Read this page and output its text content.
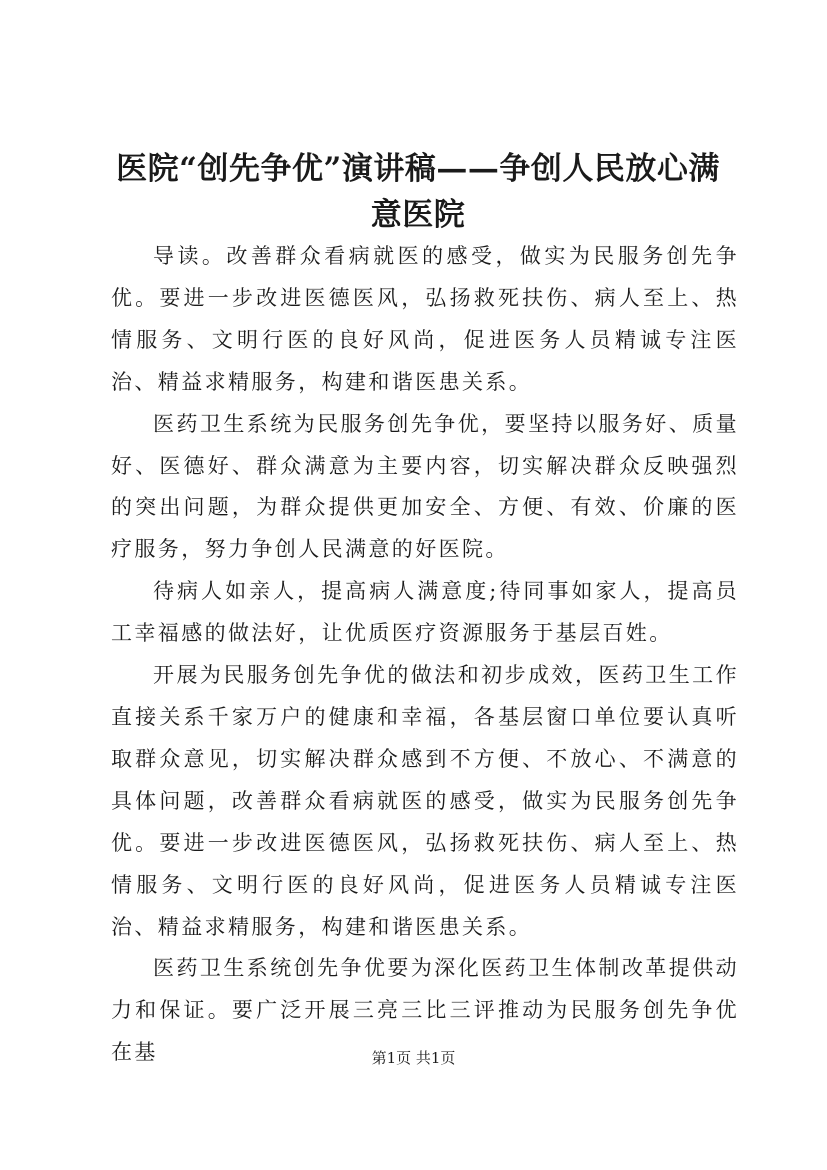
医院“创先争优”演讲稿——争创人民放心满意医院

导读。改善群众看病就医的感受，做实为民服务创先争优。要进一步改进医德医风，弘扬救死扶伤、病人至上、热情服务、文明行医的良好风尚，促进医务人员精诚专注医治、精益求精服务，构建和谐医患关系。

医药卫生系统为民服务创先争优，要坚持以服务好、质量好、医德好、群众满意为主要内容，切实解决群众反映强烈的突出问题，为群众提供更加安全、方便、有效、价廉的医疗服务，努力争创人民满意的好医院。

待病人如亲人，提高病人满意度;待同事如家人，提高员工幸福感的做法好，让优质医疗资源服务于基层百姓。

开展为民服务创先争优的做法和初步成效，医药卫生工作直接关系千家万户的健康和幸福，各基层窗口单位要认真听取群众意见，切实解决群众感到不方便、不放心、不满意的具体问题，改善群众看病就医的感受，做实为民服务创先争优。要进一步改进医德医风，弘扬救死扶伤、病人至上、热情服务、文明行医的良好风尚，促进医务人员精诚专注医治、精益求精服务，构建和谐医患关系。

医药卫生系统创先争优要为深化医药卫生体制改革提供动力和保证。要广泛开展三亮三比三评推动为民服务创先争优在基	第1页 共1页
